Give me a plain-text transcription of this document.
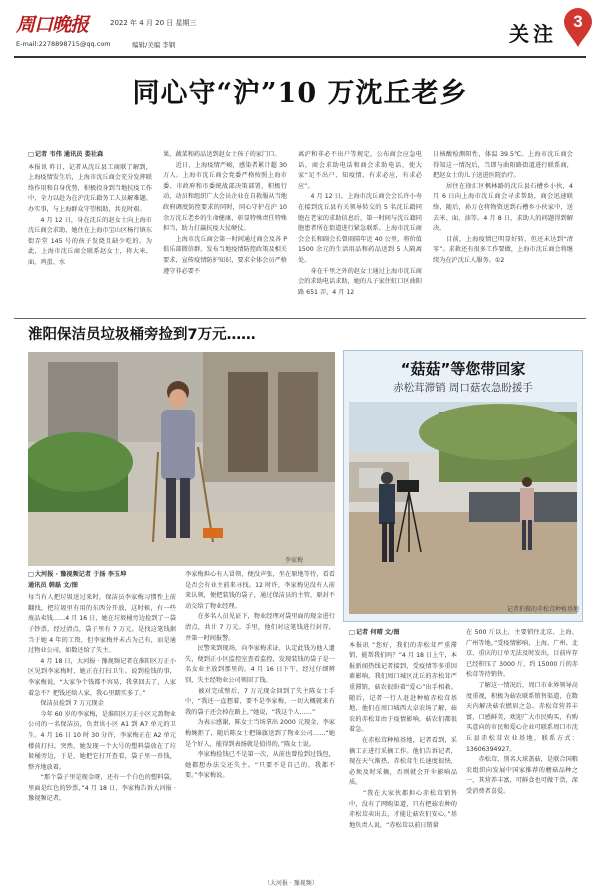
周口晚报	2022 年 4 月 20 日 星期三
E-mail:2278898715@qq.com	编辑/美编 李钢	关注
3
同心守“沪”10 万沈丘老乡
□ 记者 韦伟 通讯员 娄社森
本报讯 昨日，记者从沈丘县工商联了解到，上海疫情发生后，上海市沈丘商会充分发挥联络作用和自身优势，积极投身到当地抗疫工作中，全力以赴为在沪沈丘籍务工人员解难题、办实事，与上海群众守望相助，共克时艰。
　　4 月 12 日，身在沈丘的赵女士向上海市沈丘商会求助，她住在上海市宝山区杨行镇东街弄堂 145 号的孩子发烧且缺少吃的。为此，上海市沈丘商会联系赵女士，将大米、面、鸡蛋、水
果、蔬菜和药品送到赵女士孩子的家门口。
　　近日，上海疫情严峻，感染者累计超 30 万人。上海市沈丘商会党委严格按照上海市委、市政府和市委统战部决策部署，积极行动，动员和组织广大会员企业在自救服从当地政府调度防控要求的同时，同心守护在沪 10 余万沈丘老乡的生命健康，彰显特殊责任特殊担当，助力打赢抗疫大仗硬仗。
　　上海市沈丘商会第一时间通过商会及各 P 俱乐部微信群，发布当地疫情防控政策及相关要求，宣传疫情防护知识，要求全体会员严格遵守非必要不
离沪和非必不出户等规定，公布商会应急电话，商会求助电话和商会求助电话，使大家“足不出户、知疫情，有求必应，有求必应”。
　　4 月 12 日，上海市沈丘商会会长许小寿在接到沈丘县有关领导转交的 5 名沈丘籍同胞在老家的求助信息后，第一时间与沈丘籍同胞患者所在街道进行紧急联系。上海市沈丘商会会长和副会长曾雨陪年近 40 公里，将价值 1500 余元的生活用品和药品送到 5 人隔离处。
　　身在千里之外的赵女士通过上海市沈丘商会的求助电话求助，她的儿子家住虹口区曲阳路 651 弄，4 月 12
日核酸检测阳性，体温 39.5℃。上海市沈丘商会得知这一情况后，当即与曲阳路街道进行联系商，把赵女士的儿子送进医院治疗。
　　居住在徐汇区枫林路的沈丘县石槽乡小伙，4 月 6 日向上海市沈丘商会寻求帮助，商会迅速联络，随后，孙万仓将物资送到石槽乡小伙家中，送去米、面、油等。4 月 8 日，求助人的问题得到解决。
　　目前，上海疫情已明显好转，但还未达到“清零”。求救还有很多工作要做，上海市沈丘商会将继续为在沪沈丘人服务。①2
淮阳保洁员垃圾桶旁捡到7万元……
李家梅
□ 大河报 · 豫视频记者 于扬 李玉坤
通讯员 韩磊 文/图
每当有人把垃圾送过来时，保洁员李家梅习惯性上前翻找，把垃圾里有用的东西分开放，这时候，有一些废品卖钱……4 月 16 日，她在垃圾桶旁边捡到了一袋子钞票。经过清点，袋子里有 7 万元。是找这笔钱据当于她 4 年的工资，但李家梅并未占为己有，而是通过物业公司，如数还给了失主。
　　4 月 18 日，大河报 · 豫视频记者在淮阳区万正小区见到李家梅时，她正在打扫卫生。说到捡钱的事，李家梅说，“大家争个钱都不容易，我拿回去了，人家着急不？把钱还给人家，我心里踏实多了。”
　　保洁员捡到 7 万元现金
　　今年 60 岁的李家梅，是淮阳区万正小区元盈物业公司的一名保洁员，负责该小区 A1 到 A7 单元的卫生。4 月 16 日 10 时 30 分许，李家梅正在 A2 单元楼前打扫。突然，她发现一个大号的塑料袋放在了垃圾桶旁边，于是，她把它打开查看，袋子里一沓钱，整齐地放着。
　　“那个袋子里是现金呀，还有一个白色的塑料袋，里面是红色的钞票，”4 月 18 日，李家梅告诉大河报 · 豫视频记者，
李家梅担心有人冒领，便没声张，坐在原地等待，看看是否会有业主前来寻找。12 时许，李家梅见没有人前来认领，便把装钱的袋子，通过保洁员的主管，原封不动交给了物业经理。
　　在多名人员见证下，物业经理对袋里面的现金进行清点，共计 7 万元。手里，他们对这笔钱进行封存，并第一时间报警。
　　民警来到现场，向李家梅求证，认定此钱为他人遗失，便到正小区监控室查看监控，发现装钱的袋子是一名女业主放到那里的。4 月 16 日下午，经过仔细辨别，失主经物业公司领回了钱。
　　被对完成整后，7 万元现金回到了失主陈女士手中，“我还一直想着，要不是李家梅，一切大概就来有我的袋子还会掉在路上，”她说，“我这个人……”
　　为表示感谢，陈女士当场拿出 2000 元现金，李家梅婉拒了，随后陈女士把锦旗送到了物业公司……“她是个好人，能得到表扬就是值得的，”陈女士说。
　　李家梅捡钱已不是第一次，从前也曾捡到过钱包，她都想办法交还失主。“只要不是自己的，我都不要。”李家梅说。
（大河报 · 豫视频）
“菇菇”等您带回家
赤松茸滞销 周口菇农急盼援手
记者拍摄的赤松茸种植基地
□ 记者 何晴 文/图
本报讯 “您好，我们的赤松茸严重滞销，能帮我们吗？”4 月 18 日上午，本报新闻热线记者接到，受疫情等多重因素影响，我们周口城区沈丘的赤松茸严重滞销，菇农很盼着“爱心”出手相救。随后，记者一行人赶赴种植赤松茸基地，他们在周口城西大卓农场了解，菇农的赤松茸由于疫情影响，菇农们都很着急。
　　在赤松茸种植基地，记者看到，采摘工正进行采摘工作。他们告诉记者，现在天气渐热，赤松茸生长速度很快，必须及时采摘，否则就会开伞影响品质。
　　“我在大家伙都担心赤松茸销售中，没有了网购渠道，只有把菇农种的赤松茸卖出去，才能让菇农们安心。”基地负责人说，“赤松茸以前日销量
在 500 斤以上，主要销往北京、上海、广州等地。”受疫情影响，上海、广州、北京、重庆的订单无法及时发出，目前库存已经积压了 3000 斤，约 15000 斤的赤松茸等待销售。
　　了解这一情况后，周口市业界领导高度重视，积极为菇农联系销售渠道，在数天内解决菇农燃眉之急。赤松茸营养丰富，口感鲜美，欢迎广大市民购买，有购买意向的市民和爱心企业可联系周口市沈丘县赤松茸农业基地，联系方式：13606394927。
　　赤松茸，别名大球盖菇，是联合国粮农组织向发展中国家推荐的蘑菇品种之一，其营养丰富，可鲜食也可做干货，深受消费者喜爱。
